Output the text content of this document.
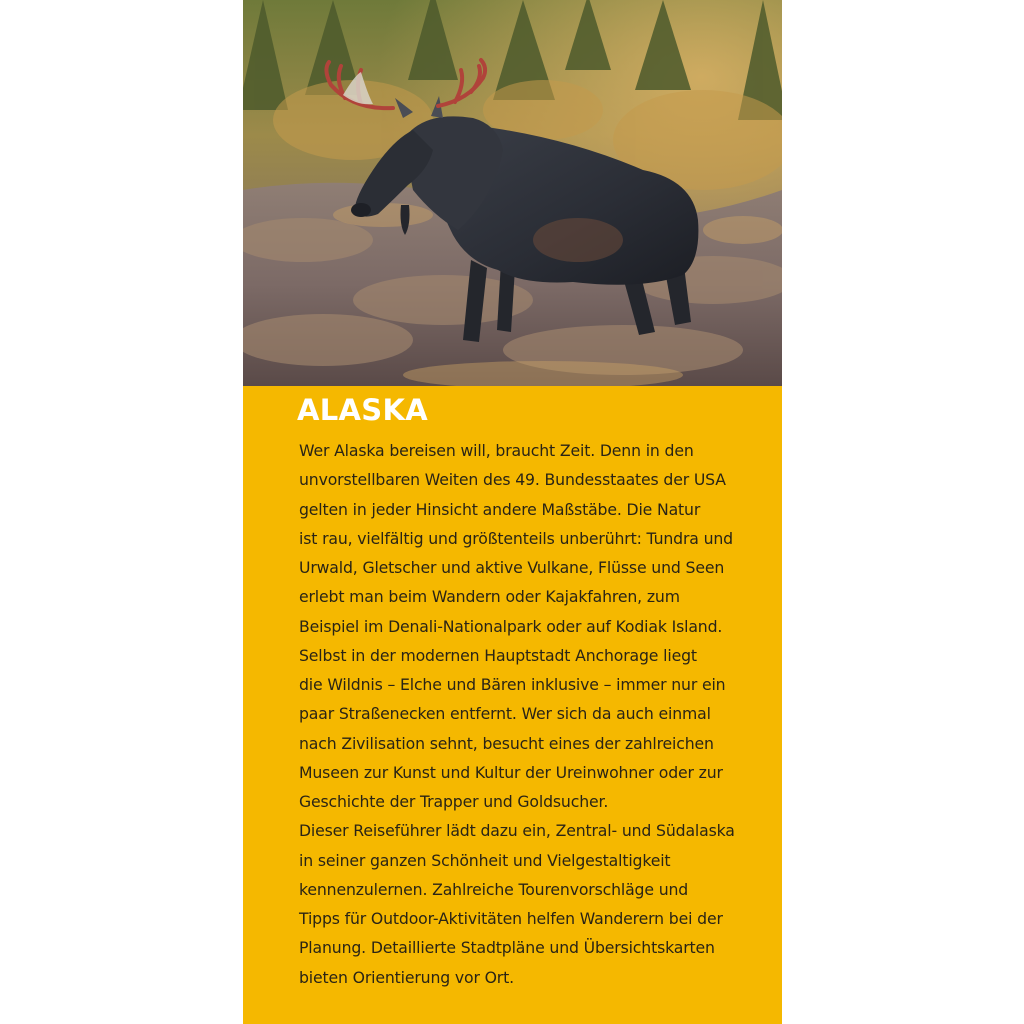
ALASKA
Wer Alaska bereisen will, braucht Zeit. Denn in den
unvorstellbaren Weiten des 49. Bundesstaates der USA
gelten in jeder Hinsicht andere Maßstäbe. Die Natur
ist rau, vielfältig und größtenteils unberührt: Tundra und
Urwald, Gletscher und aktive Vulkane, Flüsse und Seen
erlebt man beim Wandern oder Kajakfahren, zum
Beispiel im Denali-Nationalpark oder auf Kodiak Island.
Selbst in der modernen Hauptstadt Anchorage liegt
die Wildnis – Elche und Bären inklusive – immer nur ein
paar Straßenecken entfernt. Wer sich da auch einmal
nach Zivilisation sehnt, besucht eines der zahlreichen
Museen zur Kunst und Kultur der Ureinwohner oder zur
Geschichte der Trapper und Goldsucher.
Dieser Reiseführer lädt dazu ein, Zentral- und Südalaska
in seiner ganzen Schönheit und Vielgestaltigkeit
kennenzulernen. Zahlreiche Tourenvorschläge und
Tipps für Outdoor-Aktivitäten helfen Wanderern bei der
Planung. Detaillierte Stadtpläne und Übersichtskarten
bieten Orientierung vor Ort.
